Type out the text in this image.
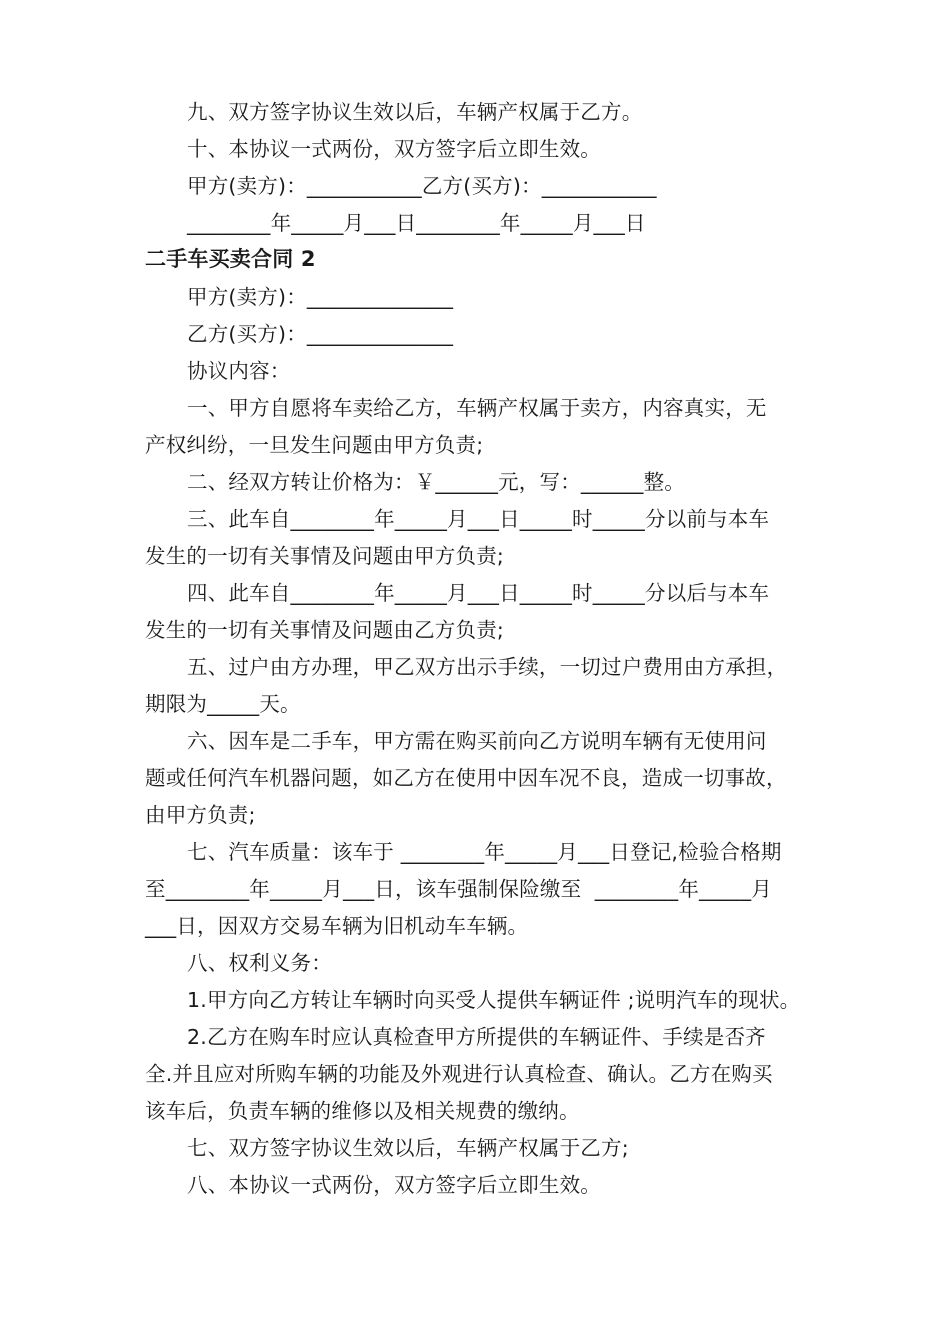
九、双方签字协议生效以后，车辆产权属于乙方。
十、本协议一式两份，双方签字后立即生效。
甲方(卖方)：___________乙方(买方)：___________
________年_____月___日________年_____月___日
二手车买卖合同 2
甲方(卖方)：______________
乙方(买方)：______________
协议内容：
一、甲方自愿将车卖给乙方，车辆产权属于卖方，内容真实，无
产权纠纷，一旦发生问题由甲方负责;
二、经双方转让价格为：￥______元，写：______整。
三、此车自________年_____月___日_____时_____分以前与本车
发生的一切有关事情及问题由甲方负责;
四、此车自________年_____月___日_____时_____分以后与本车
发生的一切有关事情及问题由乙方负责;
五、过户由方办理，甲乙双方出示手续，一切过户费用由方承担，
期限为_____天。
六、因车是二手车，甲方需在购买前向乙方说明车辆有无使用问
题或任何汽车机器问题，如乙方在使用中因车况不良，造成一切事故，
由甲方负责;
七、汽车质量：该车于 ________年_____月___日登记,检验合格期
至________年_____月___日，该车强制保险缴至  ________年_____月
___日，因双方交易车辆为旧机动车车辆。
八、权利义务：
1.甲方向乙方转让车辆时向买受人提供车辆证件 ;说明汽车的现状。
2.乙方在购车时应认真检查甲方所提供的车辆证件、手续是否齐
全.并且应对所购车辆的功能及外观进行认真检查、确认。乙方在购买
该车后，负责车辆的维修以及相关规费的缴纳。
七、双方签字协议生效以后，车辆产权属于乙方;
八、本协议一式两份，双方签字后立即生效。
